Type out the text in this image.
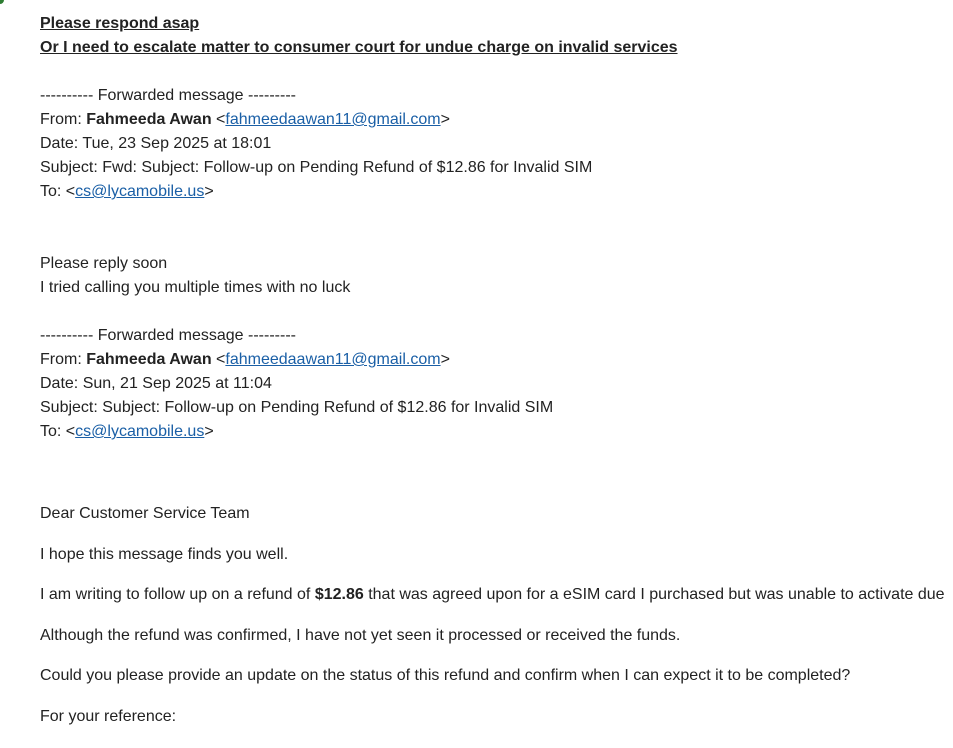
Please respond asap
Or I need to escalate matter to consumer court for undue charge on invalid services
---------- Forwarded message ---------
From: Fahmeeda Awan <fahmeedaawan11@gmail.com>
Date: Tue, 23 Sep 2025 at 18:01
Subject: Fwd: Subject: Follow-up on Pending Refund of $12.86 for Invalid SIM
To: <cs@lycamobile.us>
Please reply soon
I tried calling you multiple times with no luck
---------- Forwarded message ---------
From: Fahmeeda Awan <fahmeedaawan11@gmail.com>
Date: Sun, 21 Sep 2025 at 11:04
Subject: Subject: Follow-up on Pending Refund of $12.86 for Invalid SIM
To: <cs@lycamobile.us>
Dear Customer Service Team
I hope this message finds you well.
I am writing to follow up on a refund of $12.86 that was agreed upon for a eSIM card I purchased but was unable to activate due
Although the refund was confirmed, I have not yet seen it processed or received the funds.
Could you please provide an update on the status of this refund and confirm when I can expect it to be completed?
For your reference:
